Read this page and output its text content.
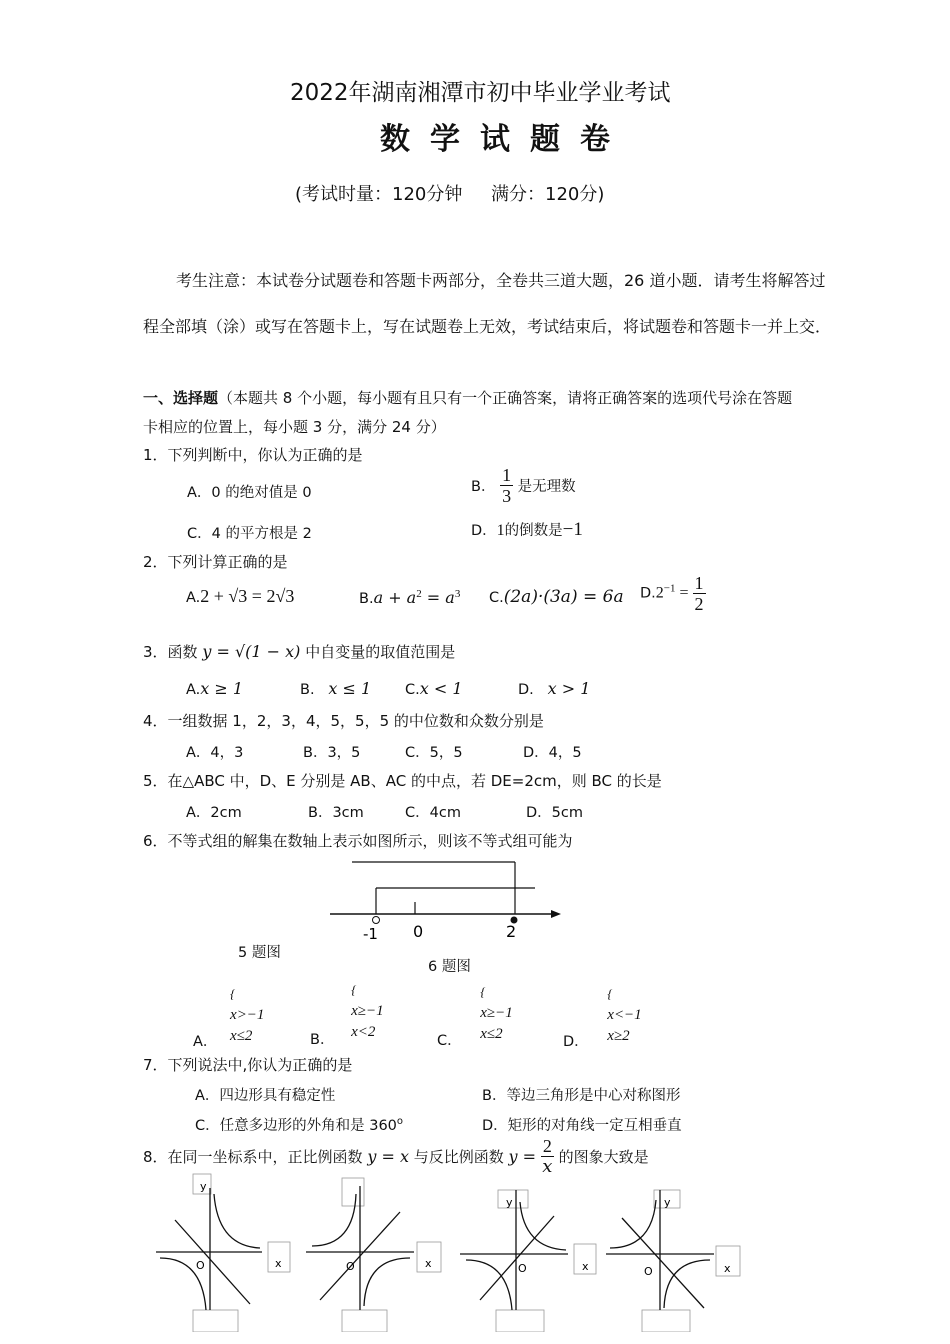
2022年湖南湘潭市初中毕业学业考试
数学试题卷
(考试时量：120分钟     满分：120分)
考生注意：本试卷分试题卷和答题卡两部分，全卷共三道大题，26 道小题．请考生将解答过
程全部填（涂）或写在答题卡上，写在试题卷上无效，考试结束后，将试题卷和答题卡一并上交．
一、选择题（本题共 8 个小题，每小题有且只有一个正确答案，请将正确答案的选项代号涂在答题
卡相应的位置上，每小题 3 分，满分 24 分）
1．下列判断中，你认为正确的是
A．0 的绝对值是 0	B． $\frac{1}{3}$ 是无理数
C．4 的平方根是 2	D．1的倒数是−1
2．下列计算正确的是
A.2 + √3 = 2√3	$B.a + a^2 = a^3$ C.(2a)·(3a) = 6a $D.2^{-1} = \frac{1}{2}$
3．函数 y = √(1 − x) 中自变量的取值范围是
A.x ≥ 1	B. x ≤ 1 C.x < 1	D. x > 1
4．一组数据 1，2，3，4，5，5，5 的中位数和众数分别是
A．4，3	B．3，5	C．5，5	D．4，5
5．在△ABC 中，D、E 分别是 AB、AC 的中点，若 DE=2cm，则 BC 的长是
A．2cm	B．3cm	C．4cm	D．5cm
6．不等式组的解集在数轴上表示如图所示，则该不等式组可能为
-1 0	2
5 题图
6 题图
A． {
x>−1
x≤2	B． {
x≥−1
x<2
C． {
x≥−1
x≤2
D． {
x<−1
x≥2
7．下列说法中,你认为正确的是
A．四边形具有稳定性	B．等边三角形是中心对称图形
C．任意多边形的外角和是 360$^o$	D．矩形的对角线一定互相垂直
8．在同一坐标系中，正比例函数 y = x 与反比例函数 $y = \frac{2}{x}$ 的图象大致是
y
x
O	x
O
y
x
O
y
x
O
